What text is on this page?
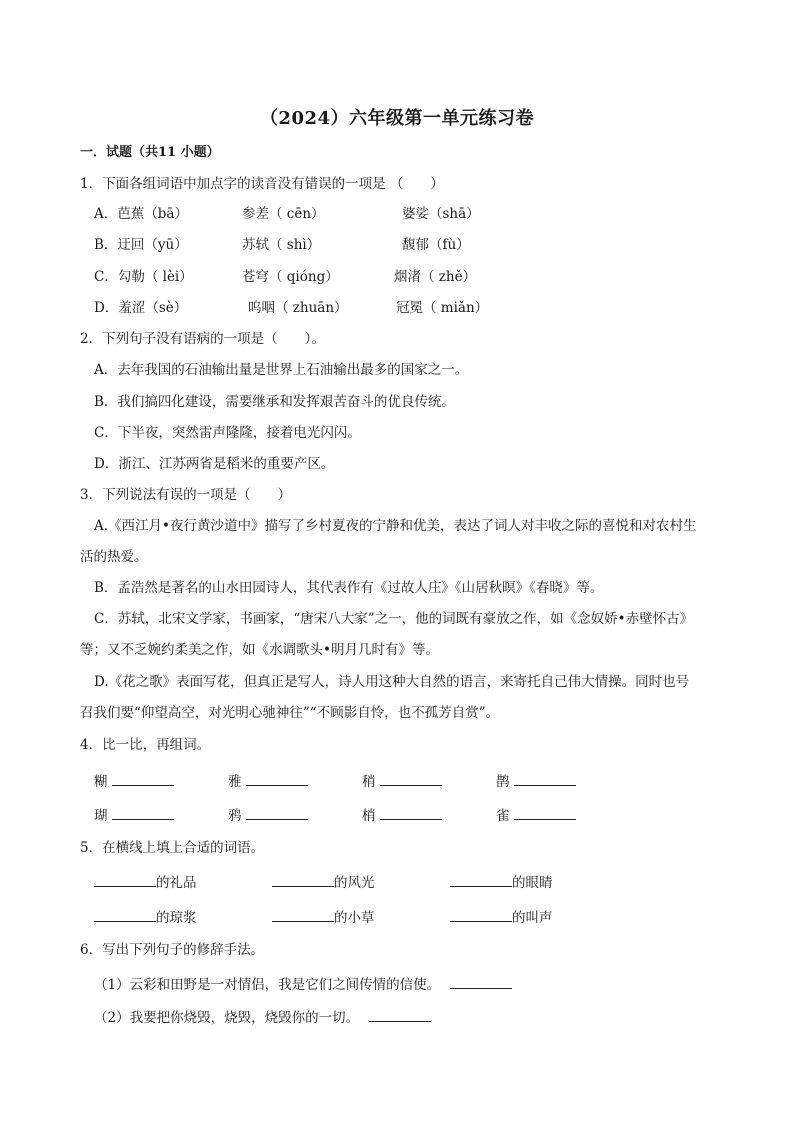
（2024）六年级第一单元练习卷
一．试题（共11 小题）
1．下面各组词语中加点字的读音没有错误的一项是 （　　）
A．芭蕉（bā）	参差（ cēn）	婆娑（shā）
B．迂回（yū）	苏轼（ shì）	馥郁（fù）
C．勾勒（ lèi）	苍穹（ qióng）	烟渚（ zhě）
D．羞涩（sè）	呜咽（ zhuān）	冠冕（ miǎn）
2．下列句子没有语病的一项是（　　）。
A．去年我国的石油输出量是世界上石油输出最多的国家之一。
B．我们搞四化建设，需要继承和发挥艰苦奋斗的优良传统。
C．下半夜，突然雷声隆隆，接着电光闪闪。
D．浙江、江苏两省是稻米的重要产区。
3．下列说法有误的一项是（　　）
A.《西江月•夜行黄沙道中》描写了乡村夏夜的宁静和优美，表达了词人对丰收之际的喜悦和对农村生
活的热爱。
B．孟浩然是著名的山水田园诗人，其代表作有《过故人庄》《山居秋暝》《春晓》等。
C．苏轼，北宋文学家，书画家，“唐宋八大家”之一，他的词既有豪放之作，如《念奴娇•赤壁怀古》
等；又不乏婉约柔美之作，如《水调歌头•明月几时有》等。
D.《花之歌》表面写花，但真正是写人，诗人用这种大自然的语言，来寄托自己伟大情操。同时也号
召我们要“仰望高空，对光明心驰神往”“不顾影自怜，也不孤芳自赏”。
4．比一比，再组词。
糊	雅	稍	鹊
瑚	鸦	梢	雀
5．在横线上填上合适的词语。
的礼品	的风光	的眼睛
的琼浆	的小草	的叫声
6．写出下列句子的修辞手法。
（1）云彩和田野是一对情侣，我是它们之间传情的信使。
（2）我要把你烧毁，烧毁，烧毁你的一切。
